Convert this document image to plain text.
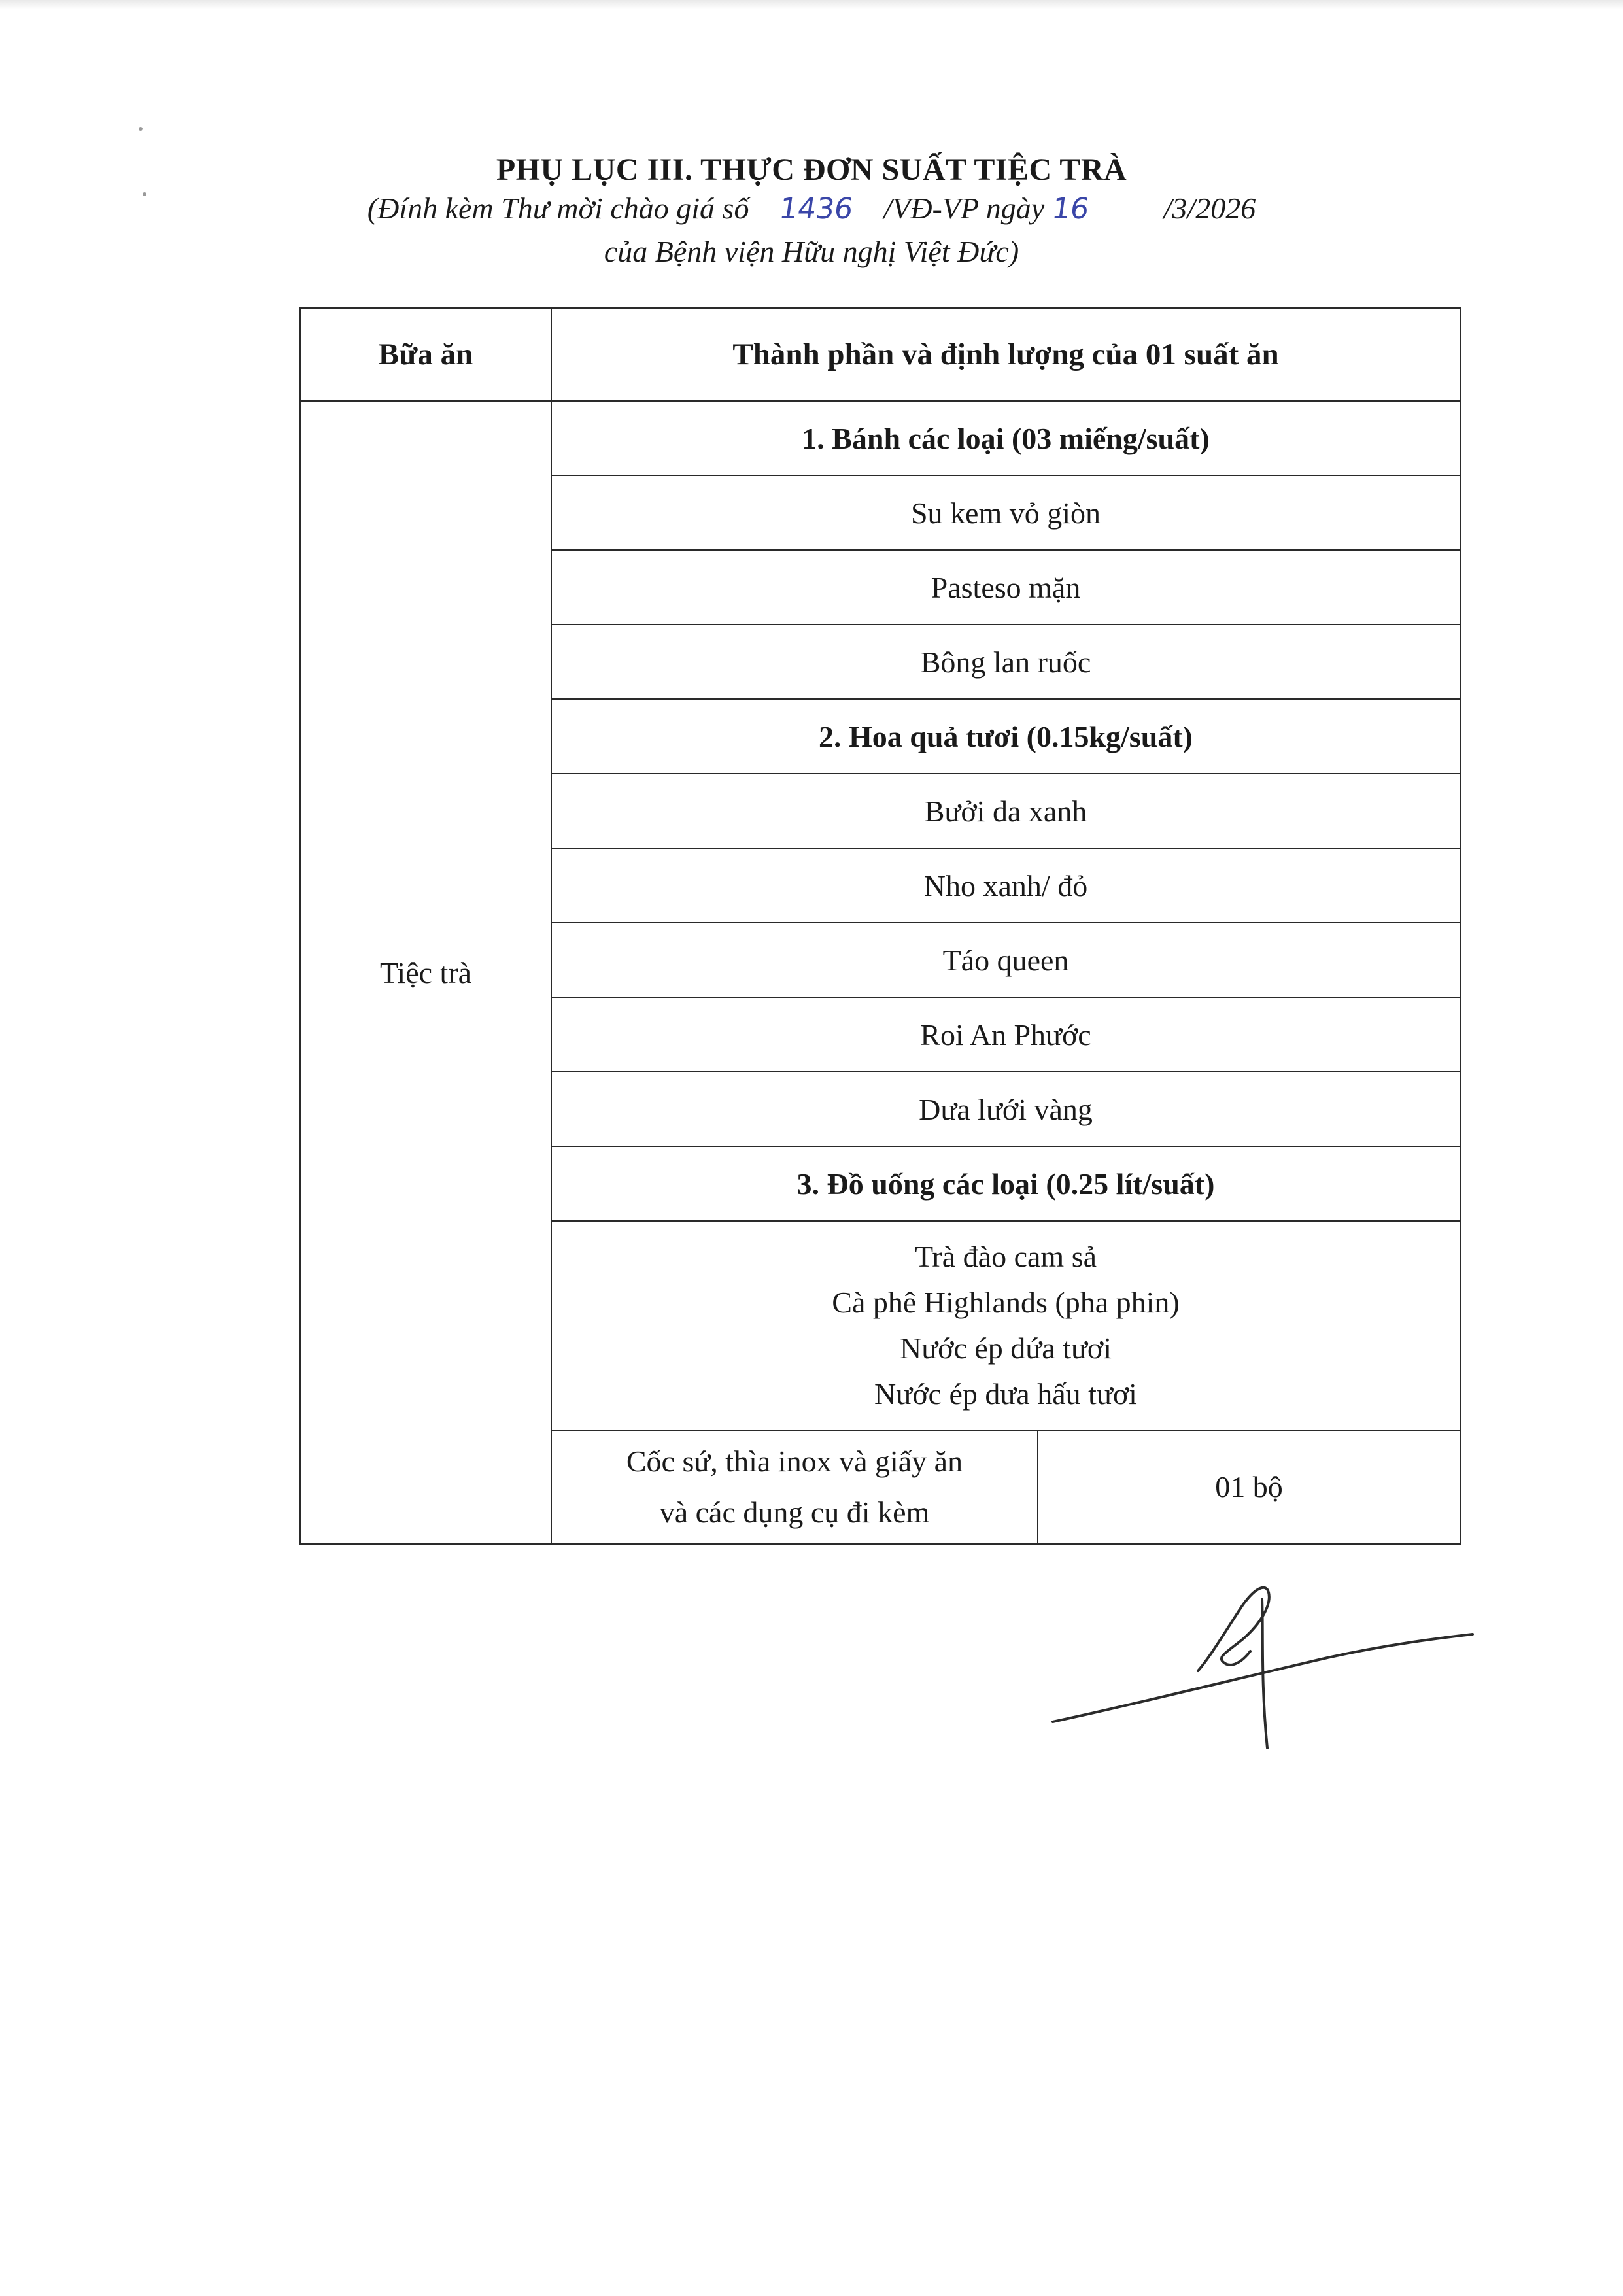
PHỤ LỤC III. THỰC ĐƠN SUẤT TIỆC TRÀ
(Đính kèm Thư mời chào giá số 1436 /VĐ-VP ngày 16 /3/2026
của Bệnh viện Hữu nghị Việt Đức)
Bữa ăn	Thành phần và định lượng của 01 suất ăn	
Tiệc trà	1. Bánh các loại (03 miếng/suất)	
	Su kem vỏ giòn	
	Pasteso mặn	
	Bông lan ruốc	
	2. Hoa quả tươi (0.15kg/suất)	
	Bưởi da xanh	
	Nho xanh/ đỏ	
	Táo queen	
	Roi An Phước	
	Dưa lưới vàng	
	3. Đồ uống các loại (0.25 lít/suất)	

	Trà đào cam sả
Cà phê Highlands (pha phin)
Nước ép dứa tươi
Nước ép dưa hấu tươi	

	Cốc sứ, thìa inox và giấy ăn
và các dụng cụ đi kèm	01 bộ
